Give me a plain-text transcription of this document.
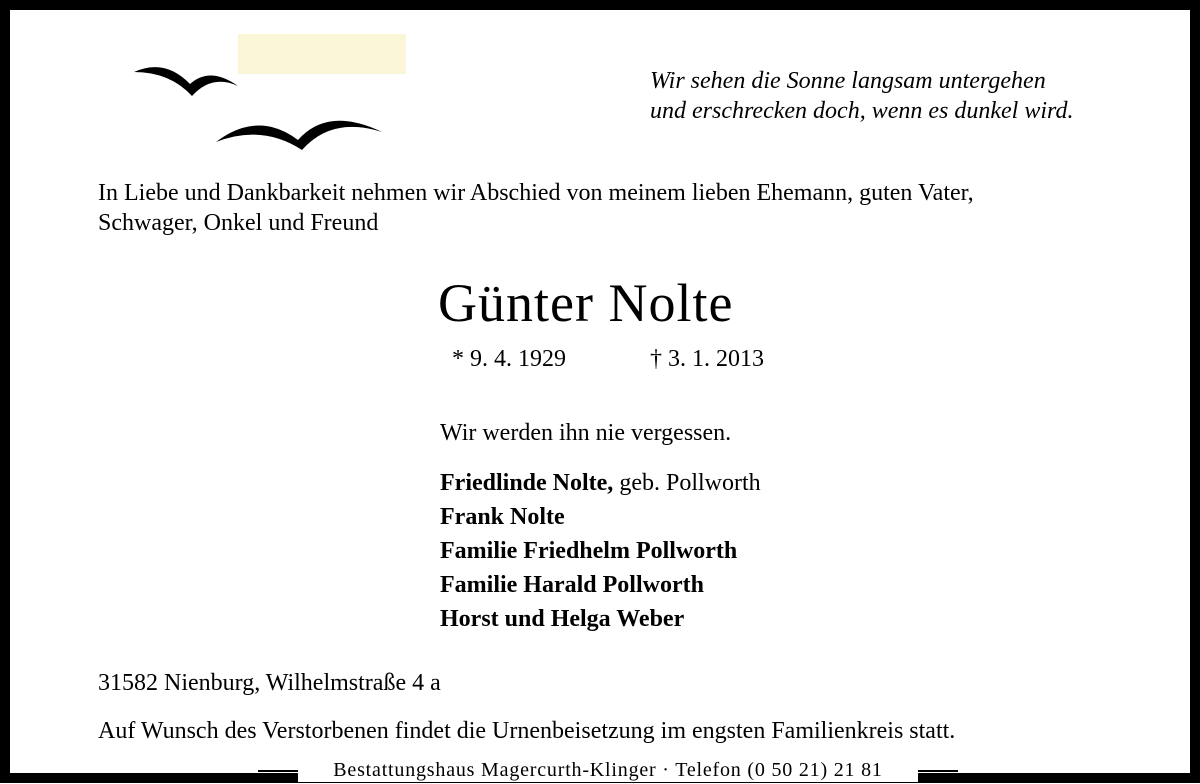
Wir sehen die Sonne langsam untergehen
und erschrecken doch, wenn es dunkel wird.
In Liebe und Dankbarkeit nehmen wir Abschied von meinem lieben Ehemann, guten Vater,
Schwager, Onkel und Freund
Günter Nolte
* 9. 4. 1929	† 3. 1. 2013
Wir werden ihn nie vergessen.
Friedlinde Nolte, geb. Pollworth
Frank Nolte
Familie Friedhelm Pollworth
Familie Harald Pollworth
Horst und Helga Weber
31582 Nienburg, Wilhelmstraße 4 a
Auf Wunsch des Verstorbenen findet die Urnenbeisetzung im engsten Familienkreis statt.
Bestattungshaus Magercurth-Klinger · Telefon (0 50 21) 21 81
